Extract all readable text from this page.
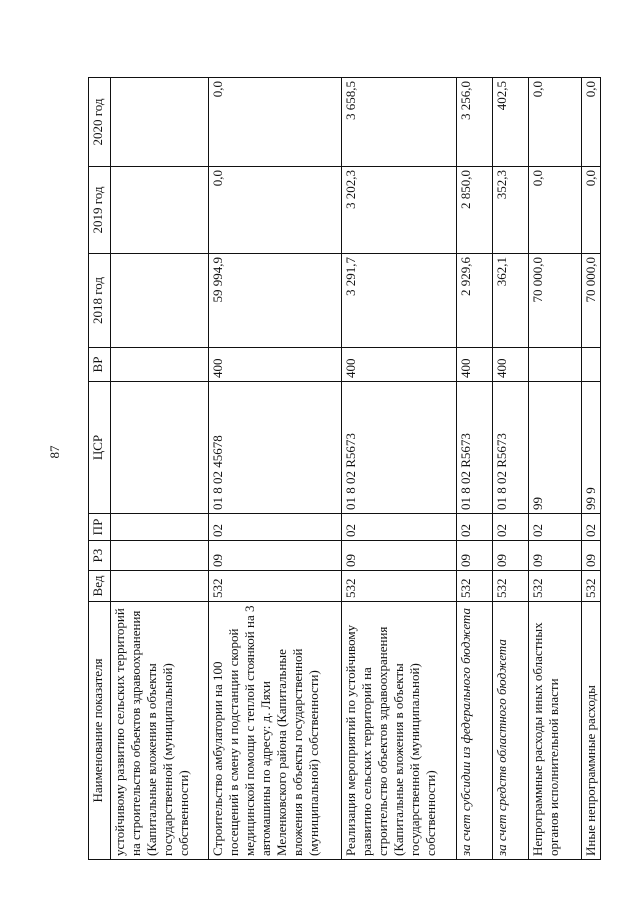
87
Наименование показателя	Вед	РЗ	ПР	ЦСР	ВР	2018 год	2019 год	2020 год
устойчивому развитию сельских территорий на строительство объектов здравоохранения (Капитальные вложения в объекты государственной (муниципальной) собственности)								
Строительство амбулатории на 100 посещений в смену и подстанции скорой медицинской помощи с теплой стоянкой на 3 автомашины по адресу: д. Ляхи Меленковского района (Капитальные вложения в объекты государственной (муниципальной) собственности)	532	09	02	01 8 02 45678	400	59 994,9	0,0	0,0
Реализация мероприятий по устойчивому развитию сельских территорий на строительство объектов здравоохранения (Капитальные вложения в объекты государственной (муниципальной) собственности)	532	09	02	01 8 02 R5673	400	3 291,7	3 202,3	3 658,5
за счет субсидии из федерального бюджета	532	09	02	01 8 02 R5673	400	2 929,6	2 850,0	3 256,0
за счет средств областного бюджета	532	09	02	01 8 02 R5673	400	362,1	352,3	402,5
Непрограммные расходы иных областных органов исполнительной власти	532	09	02	99		70 000,0	0,0	0,0
Иные непрограммные расходы	532	09	02	99 9		70 000,0	0,0	0,0
